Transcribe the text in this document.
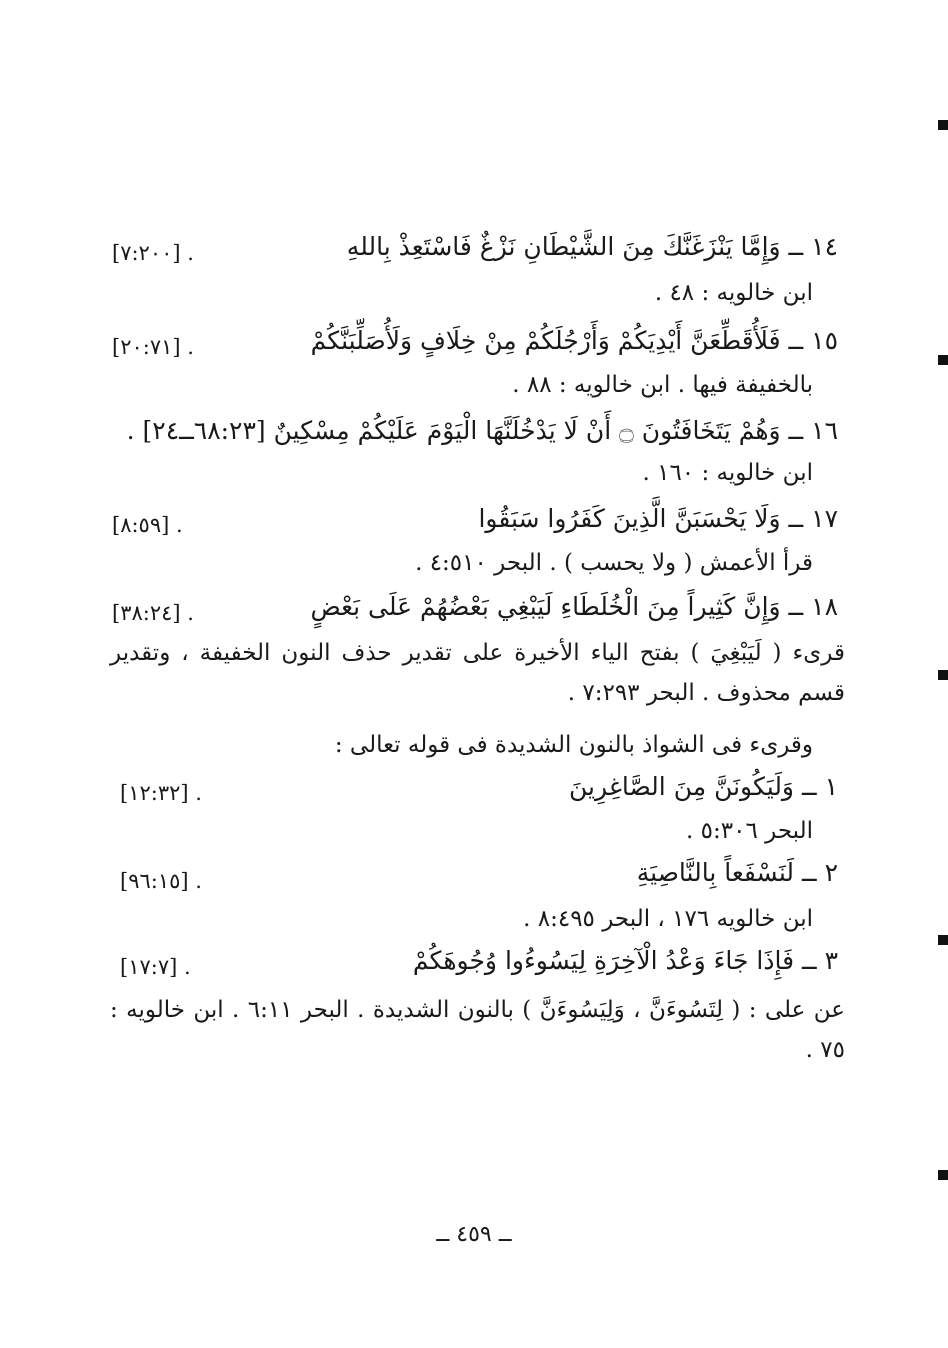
١٤ ــ وَإِمَّا يَنْزَغَنَّكَ مِنَ الشَّيْطَانِ نَزْغٌ فَاسْتَعِذْ بِاللهِ
[٧:٢٠٠] .
ابن خالويه : ٤٨ .
١٥ ــ فَلَأُقَطِّعَنَّ أَيْدِيَكُمْ وَأَرْجُلَكُمْ مِنْ خِلَافٍ وَلَأُصَلِّبَنَّكُمْ
[٢٠:٧١] .
بالخفيفة فيها . ابن خالويه : ٨٨ .
١٦ ــ وَهُمْ يَتَخَافَتُونَ ۝ أَنْ لَا يَدْخُلَنَّهَا الْيَوْمَ عَلَيْكُمْ مِسْكِينٌ [٦٨:٢٣ــ٢٤] .
ابن خالويه : ١٦٠ .
١٧ ــ وَلَا يَحْسَبَنَّ الَّذِينَ كَفَرُوا سَبَقُوا
[٨:٥٩] .
قرأ الأعمش ( ولا يحسب ) . البحر ٤:٥١٠ .
١٨ ــ وَإِنَّ كَثِيراً مِنَ الْخُلَطَاءِ لَيَبْغِي بَعْضُهُمْ عَلَى بَعْضٍ
[٣٨:٢٤] .
قرىء ( لَيَبْغِيَ ) بفتح الياء الأخيرة على تقدير حذف النون الخفيفة ، وتقدير قسم محذوف . البحر ٧:٢٩٣ .
وقرىء فى الشواذ بالنون الشديدة فى قوله تعالى :
١ ــ وَلَيَكُونَنَّ مِنَ الصَّاغِرِينَ
[١٢:٣٢] .
البحر ٥:٣٠٦ .
٢ ــ لَنَسْفَعاً بِالنَّاصِيَةِ
[٩٦:١٥] .
ابن خالويه ١٧٦ ، البحر ٨:٤٩٥ .
٣ ــ فَإِذَا جَاءَ وَعْدُ الْآخِرَةِ لِيَسُوءُوا وُجُوهَكُمْ
[١٧:٧] .
عن على : ( لِتَسُوءَنَّ ، وَلِيَسُوءَنَّ ) بالنون الشديدة . البحر ٦:١١ . ابن خالويه : ٧٥ .
ــ ٤٥٩ ــ
